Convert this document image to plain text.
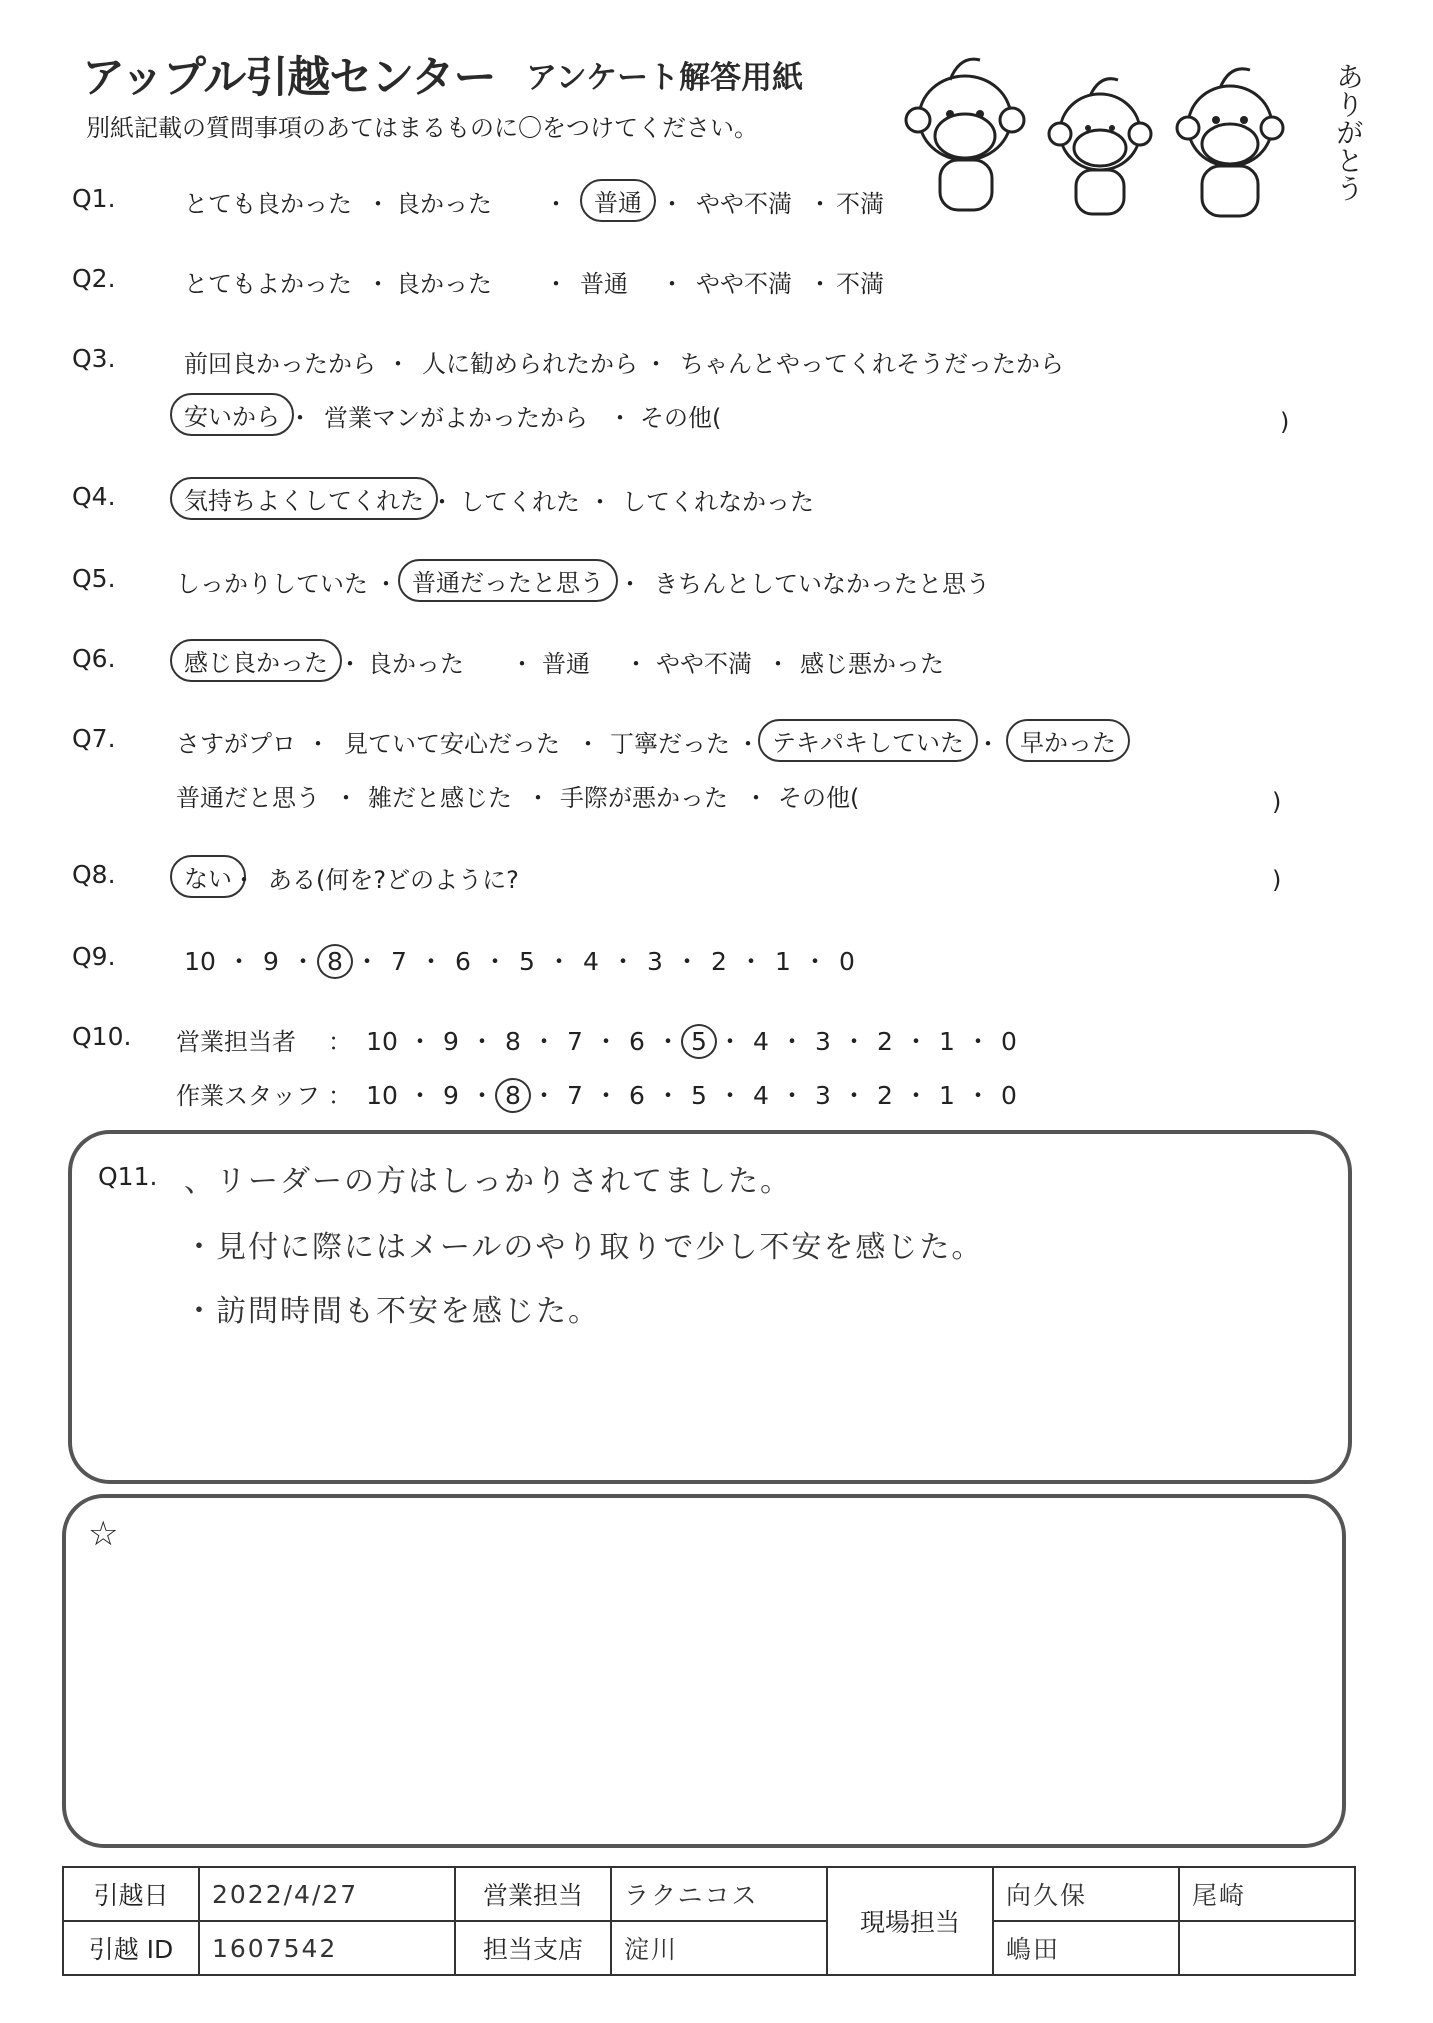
アップル引越センター アンケート解答用紙
別紙記載の質問事項のあてはまるものに〇をつけてください。	ありがとう
Q1.	とても良かった ・ 良かった ・	普通 ・ やや不満 ・ 不満
Q2.	とてもよかった ・ 良かった ・ 普通 ・ やや不満 ・ 不満
Q3.	前回良かったから ・ 人に勧められたから ・ ちゃんとやってくれそうだったから
安いから ・ 営業マンがよかったから ・ その他(	)
Q4.	気持ちよくしてくれた ・ してくれた ・ してくれなかった
Q5.	しっかりしていた ・ 普通だったと思う ・ きちんとしていなかったと思う
Q6.	感じ良かった ・ 良かった ・ 普通 ・ やや不満 ・ 感じ悪かった
Q7.	さすがプロ ・ 見ていて安心だった ・ 丁寧だった ・ テキパキしていた ・ 早かった
普通だと思う ・ 雑だと感じた ・ 手際が悪かった ・ その他(	)
Q8.	ない ・ ある(何を?どのように?	)
Q9.	10 ・ 9 ・ 8 ・ 7 ・ 6 ・ 5 ・ 4 ・ 3 ・ 2 ・ 1 ・ 0
Q10. 営業担当者 ： 10 ・ 9 ・ 8 ・ 7 ・ 6 ・ 5 ・ 4 ・ 3 ・ 2 ・ 1 ・ 0
作業スタッフ ： 10 ・ 9 ・ 8 ・ 7 ・ 6 ・ 5 ・ 4 ・ 3 ・ 2 ・ 1 ・ 0
Q11. 、リーダーの方はしっかりされてました。
・見付に際にはメールのやり取りで少し不安を感じた。
・訪問時間も不安を感じた。
☆
引越日	2022/4/27	営業担当	ラクニコス	現場担当	向久保	尾崎
引越 ID	1607542	担当支店	淀川		嶋田	
